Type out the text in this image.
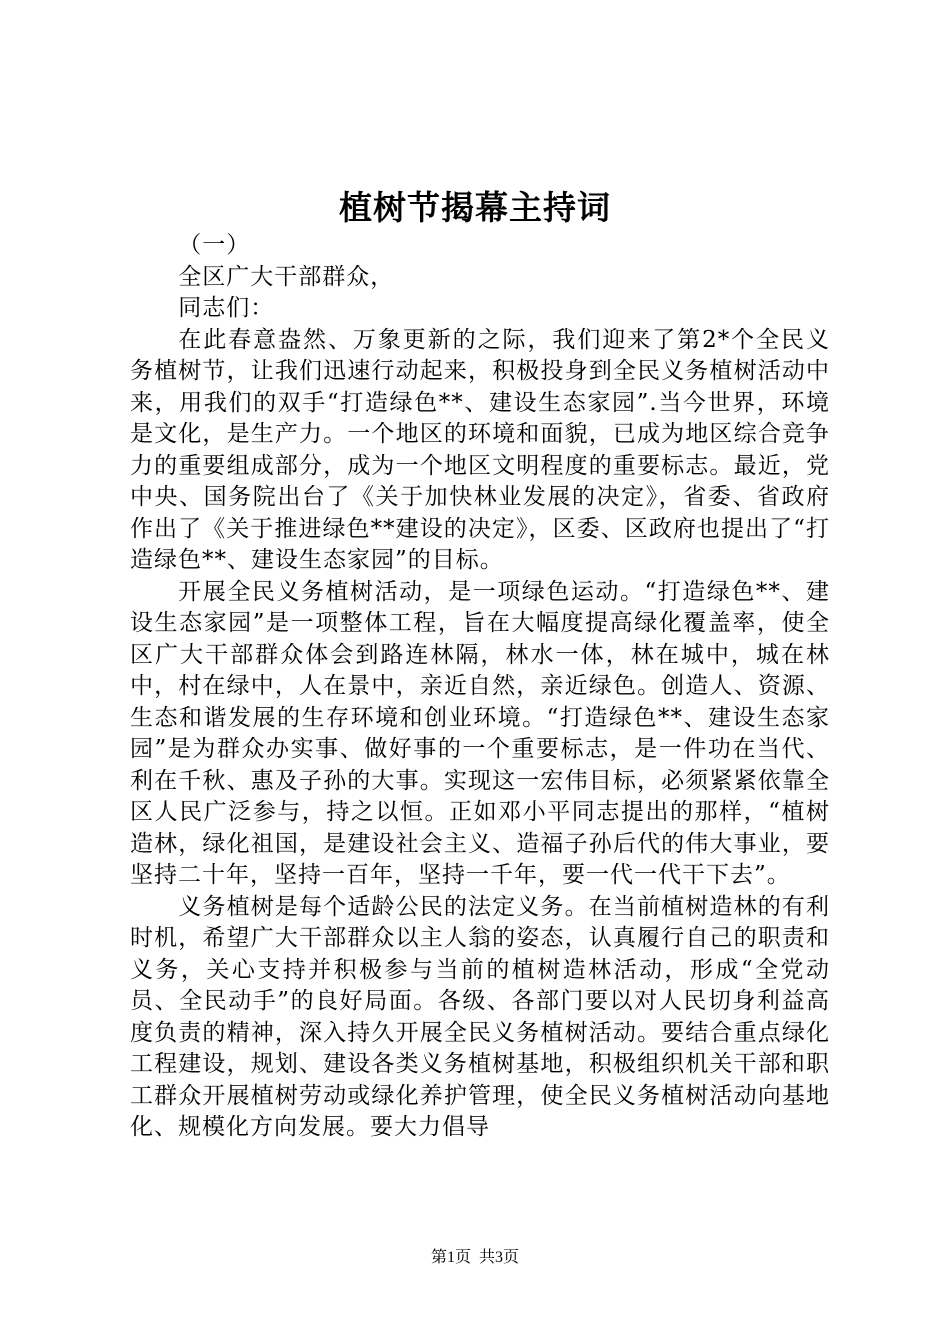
植树节揭幕主持词

（一）

全区广大干部群众，

同志们：

在此春意盎然、万象更新的之际，我们迎来了第2*个全民义务植树节，让我们迅速行动起来，积极投身到全民义务植树活动中来，用我们的双手“打造绿色**、建设生态家园”.当今世界，环境是文化，是生产力。一个地区的环境和面貌，已成为地区综合竞争力的重要组成部分，成为一个地区文明程度的重要标志。最近，党中央、国务院出台了《关于加快林业发展的决定》，省委、省政府作出了《关于推进绿色**建设的决定》，区委、区政府也提出了“打造绿色**、建设生态家园”的目标。

开展全民义务植树活动，是一项绿色运动。“打造绿色**、建设生态家园”是一项整体工程，旨在大幅度提高绿化覆盖率，使全区广大干部群众体会到路连林隔，林水一体，林在城中，城在林中，村在绿中，人在景中，亲近自然，亲近绿色。创造人、资源、生态和谐发展的生存环境和创业环境。“打造绿色**、建设生态家园”是为群众办实事、做好事的一个重要标志，是一件功在当代、利在千秋、惠及子孙的大事。实现这一宏伟目标，必须紧紧依靠全区人民广泛参与，持之以恒。正如邓小平同志提出的那样，“植树造林，绿化祖国，是建设社会主义、造福子孙后代的伟大事业，要坚持二十年，坚持一百年，坚持一千年，要一代一代干下去”。

义务植树是每个适龄公民的法定义务。在当前植树造林的有利时机，希望广大干部群众以主人翁的姿态，认真履行自己的职责和义务，关心支持并积极参与当前的植树造林活动，形成“全党动员、全民动手”的良好局面。各级、各部门要以对人民切身利益高度负责的精神，深入持久开展全民义务植树活动。要结合重点绿化工程建设，规划、建设各类义务植树基地，积极组织机关干部和职工群众开展植树劳动或绿化养护管理，使全民义务植树活动向基地化、规模化方向发展。要大力倡导

第1页 共3页
